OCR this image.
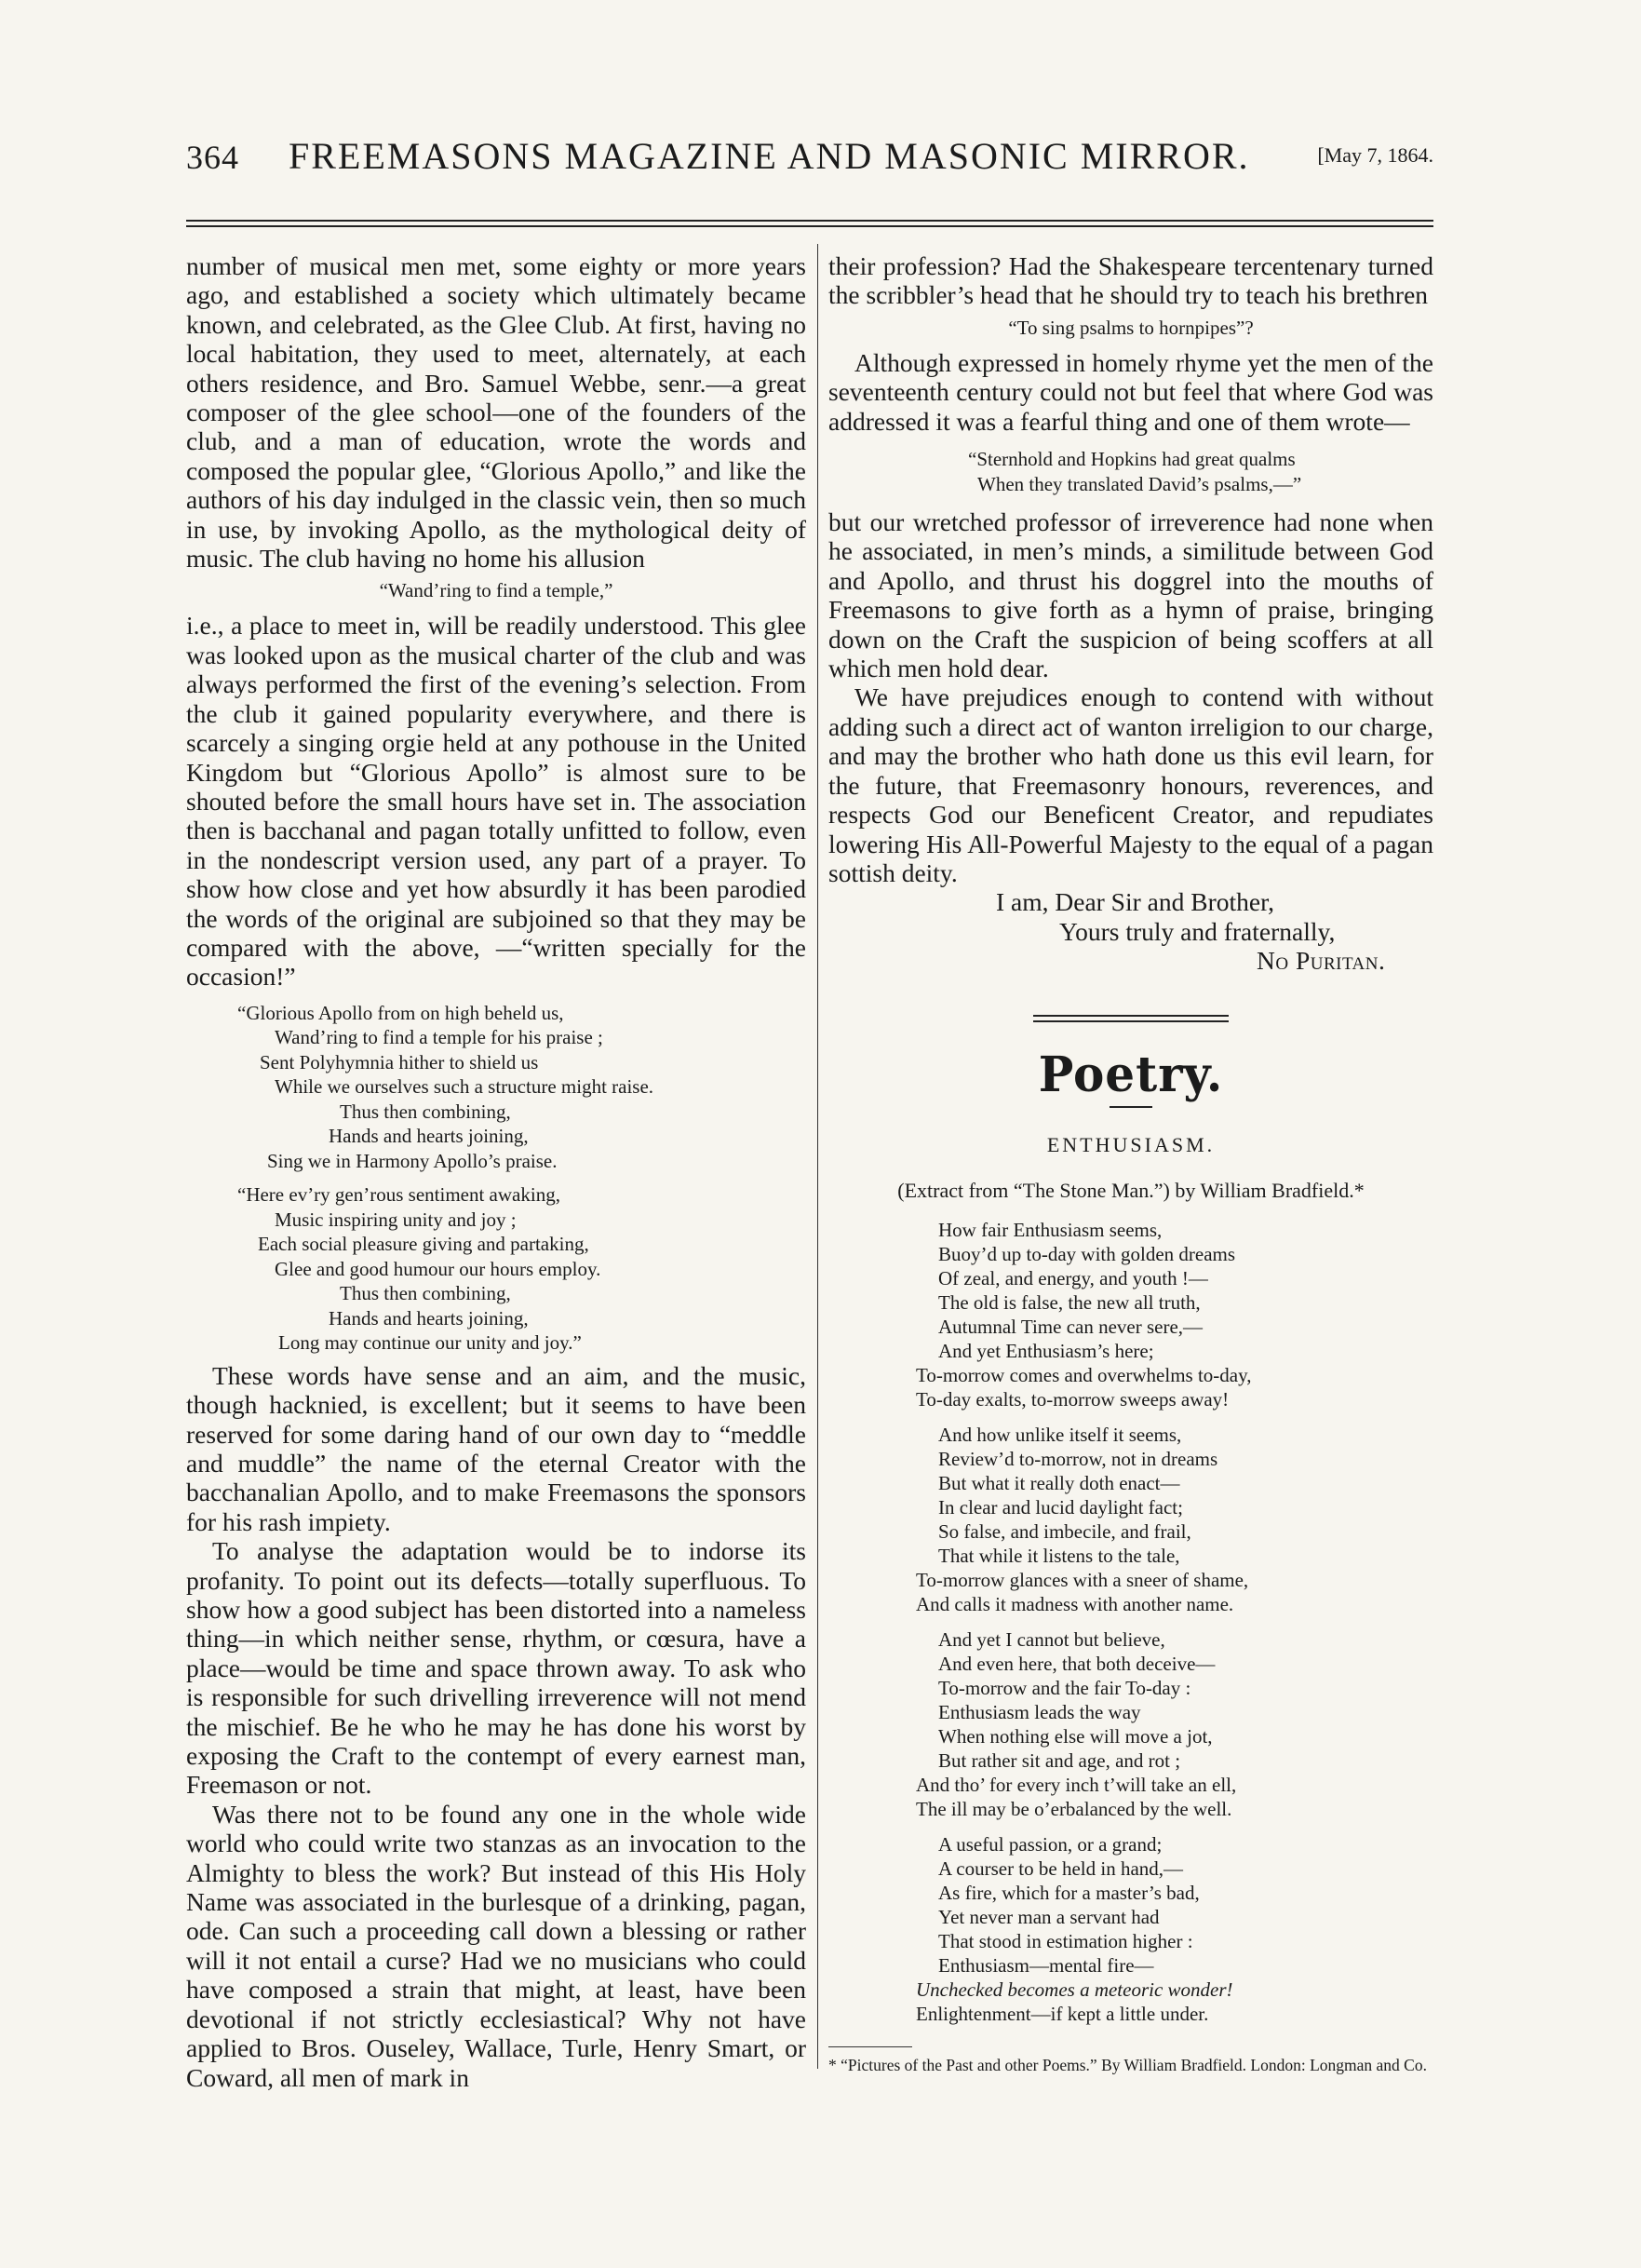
364 FREEMASONS MAGAZINE AND MASONIC MIRROR.	[May 7, 1864.

number of musical men met, some eighty or more years ago, and established a society which ultimately became known, and celebrated, as the Glee Club. At first, having no local habitation, they used to meet, alternately, at each others residence, and Bro. Samuel Webbe, senr.—a great composer of the glee school—one of the founders of the club, and a man of education, wrote the words and composed the popular glee, “Glorious Apollo,” and like the authors of his day indulged in the classic vein, then so much in use, by invoking Apollo, as the mythological deity of music. The club having no home his allusion

“Wand’ring to find a temple,”

i.e., a place to meet in, will be readily understood. This glee was looked upon as the musical charter of the club and was always performed the first of the evening’s selection. From the club it gained popularity everywhere, and there is scarcely a singing orgie held at any pothouse in the United Kingdom but “Glorious Apollo” is almost sure to be shouted before the small hours have set in. The association then is bacchanal and pagan totally unfitted to follow, even in the nondescript version used, any part of a prayer. To show how close and yet how absurdly it has been parodied the words of the original are subjoined so that they may be compared with the above, —“written specially for the occasion!”

“Glorious Apollo from on high beheld us,
Wand’ring to find a temple for his praise ;
Sent Polyhymnia hither to shield us
While we ourselves such a structure might raise.
Thus then combining,
Hands and hearts joining,
Sing we in Harmony Apollo’s praise.
“Here ev’ry gen’rous sentiment awaking,
Music inspiring unity and joy ;
Each social pleasure giving and partaking,
Glee and good humour our hours employ.
Thus then combining,
Hands and hearts joining,
Long may continue our unity and joy.”

These words have sense and an aim, and the music, though hacknied, is excellent; but it seems to have been reserved for some daring hand of our own day to “meddle and muddle” the name of the eternal Creator with the bacchanalian Apollo, and to make Freemasons the sponsors for his rash impiety.

To analyse the adaptation would be to indorse its profanity. To point out its defects—totally superfluous. To show how a good subject has been distorted into a nameless thing—in which neither sense, rhythm, or cœsura, have a place—would be time and space thrown away. To ask who is responsible for such drivelling irreverence will not mend the mischief. Be he who he may he has done his worst by exposing the Craft to the contempt of every earnest man, Freemason or not.

Was there not to be found any one in the whole wide world who could write two stanzas as an invocation to the Almighty to bless the work? But instead of this His Holy Name was associated in the burlesque of a drinking, pagan, ode. Can such a proceeding call down a blessing or rather will it not entail a curse? Had we no musicians who could have composed a strain that might, at least, have been devotional if not strictly ecclesiastical? Why not have applied to Bros. Ouseley, Wallace, Turle, Henry Smart, or Coward, all men of mark in

their profession? Had the Shakespeare tercentenary turned the scribbler’s head that he should try to teach his brethren

“To sing psalms to hornpipes”?

Although expressed in homely rhyme yet the men of the seventeenth century could not but feel that where God was addressed it was a fearful thing and one of them wrote—

“Sternhold and Hopkins had great qualms
When they translated David’s psalms,—”

but our wretched professor of irreverence had none when he associated, in men’s minds, a similitude between God and Apollo, and thrust his doggrel into the mouths of Freemasons to give forth as a hymn of praise, bringing down on the Craft the suspicion of being scoffers at all which men hold dear.

We have prejudices enough to contend with without adding such a direct act of wanton irreligion to our charge, and may the brother who hath done us this evil learn, for the future, that Freemasonry honours, reverences, and respects God our Beneficent Creator, and repudiates lowering His All-Powerful Majesty to the equal of a pagan sottish deity.

I am, Dear Sir and Brother,
Yours truly and fraternally,
No Puritan.
Poetry.
ENTHUSIASM.
(Extract from “The Stone Man.”) by William Bradfield.*
How fair Enthusiasm seems,
Buoy’d up to-day with golden dreams
Of zeal, and energy, and youth !—
The old is false, the new all truth,
Autumnal Time can never sere,—
And yet Enthusiasm’s here;
To-morrow comes and overwhelms to-day,
To-day exalts, to-morrow sweeps away!
And how unlike itself it seems,
Review’d to-morrow, not in dreams
But what it really doth enact—
In clear and lucid daylight fact;
So false, and imbecile, and frail,
That while it listens to the tale,
To-morrow glances with a sneer of shame,
And calls it madness with another name.
And yet I cannot but believe,
And even here, that both deceive—
To-morrow and the fair To-day :
Enthusiasm leads the way
When nothing else will move a jot,
But rather sit and age, and rot ;
And tho’ for every inch t’will take an ell,
The ill may be o’erbalanced by the well.
A useful passion, or a grand;
A courser to be held in hand,—
As fire, which for a master’s bad,
Yet never man a servant had
That stood in estimation higher :
Enthusiasm—mental fire—
Unchecked becomes a meteoric wonder!
Enlightenment—if kept a little under.
* “Pictures of the Past and other Poems.” By William Bradfield. London: Longman and Co.
